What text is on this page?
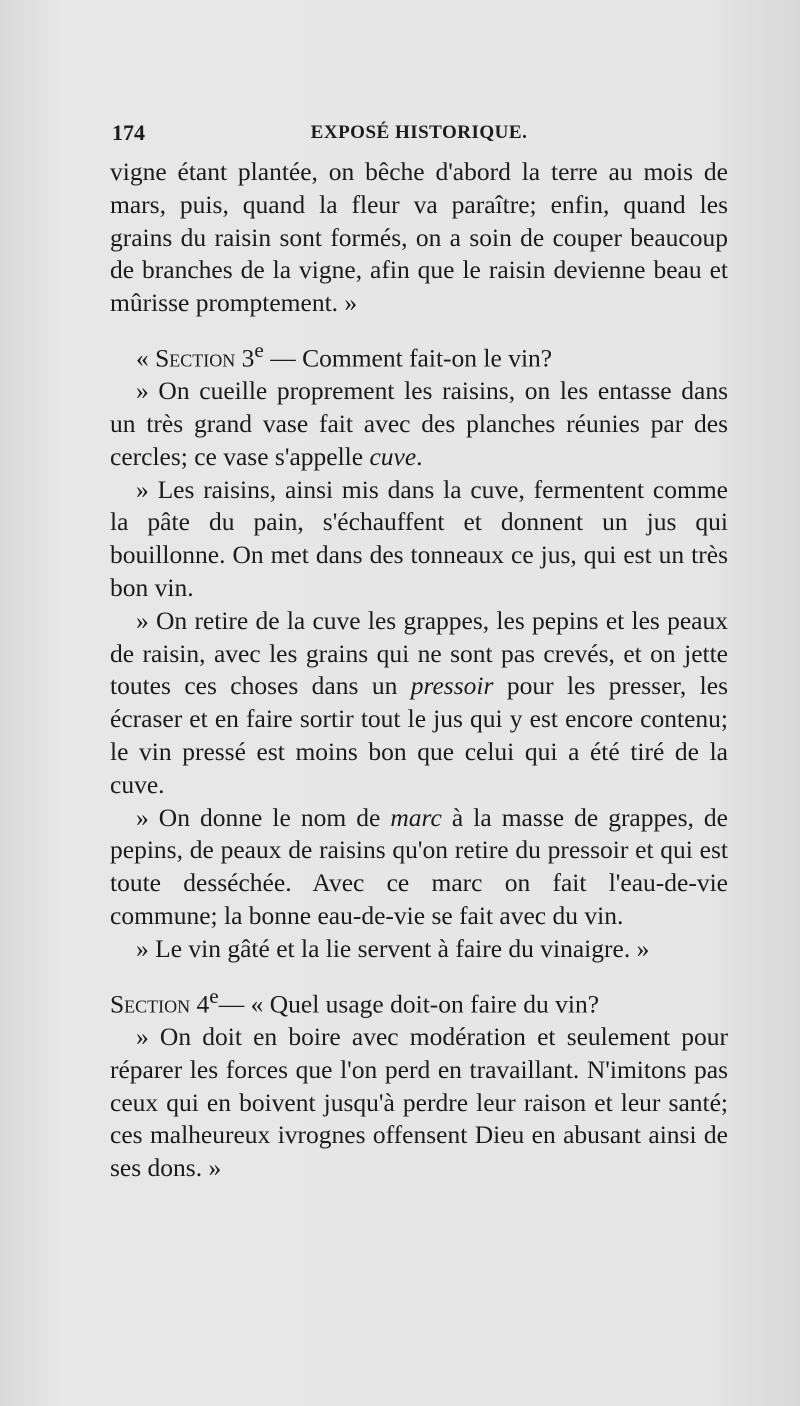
174	EXPOSÉ HISTORIQUE.

vigne étant plantée, on bêche d'abord la terre au mois de mars, puis, quand la fleur va paraître; enfin, quand les grains du raisin sont formés, on a soin de couper beaucoup de branches de la vigne, afin que le raisin devienne beau et mûrisse promptement. »

« Section 3e — Comment fait-on le vin?

» On cueille proprement les raisins, on les entasse dans un très grand vase fait avec des planches réunies par des cercles; ce vase s'appelle cuve.

» Les raisins, ainsi mis dans la cuve, fermentent comme la pâte du pain, s'échauffent et donnent un jus qui bouillonne. On met dans des tonneaux ce jus, qui est un très bon vin.

» On retire de la cuve les grappes, les pepins et les peaux de raisin, avec les grains qui ne sont pas crevés, et on jette toutes ces choses dans un pressoir pour les presser, les écraser et en faire sortir tout le jus qui y est encore contenu; le vin pressé est moins bon que celui qui a été tiré de la cuve.

» On donne le nom de marc à la masse de grappes, de pepins, de peaux de raisins qu'on retire du pressoir et qui est toute desséchée. Avec ce marc on fait l'eau-de-vie commune; la bonne eau-de-vie se fait avec du vin.

» Le vin gâté et la lie servent à faire du vinaigre. »

Section 4e— « Quel usage doit-on faire du vin?

» On doit en boire avec modération et seulement pour réparer les forces que l'on perd en travaillant. N'imitons pas ceux qui en boivent jusqu'à perdre leur raison et leur santé; ces malheureux ivrognes offensent Dieu en abusant ainsi de ses dons. »
